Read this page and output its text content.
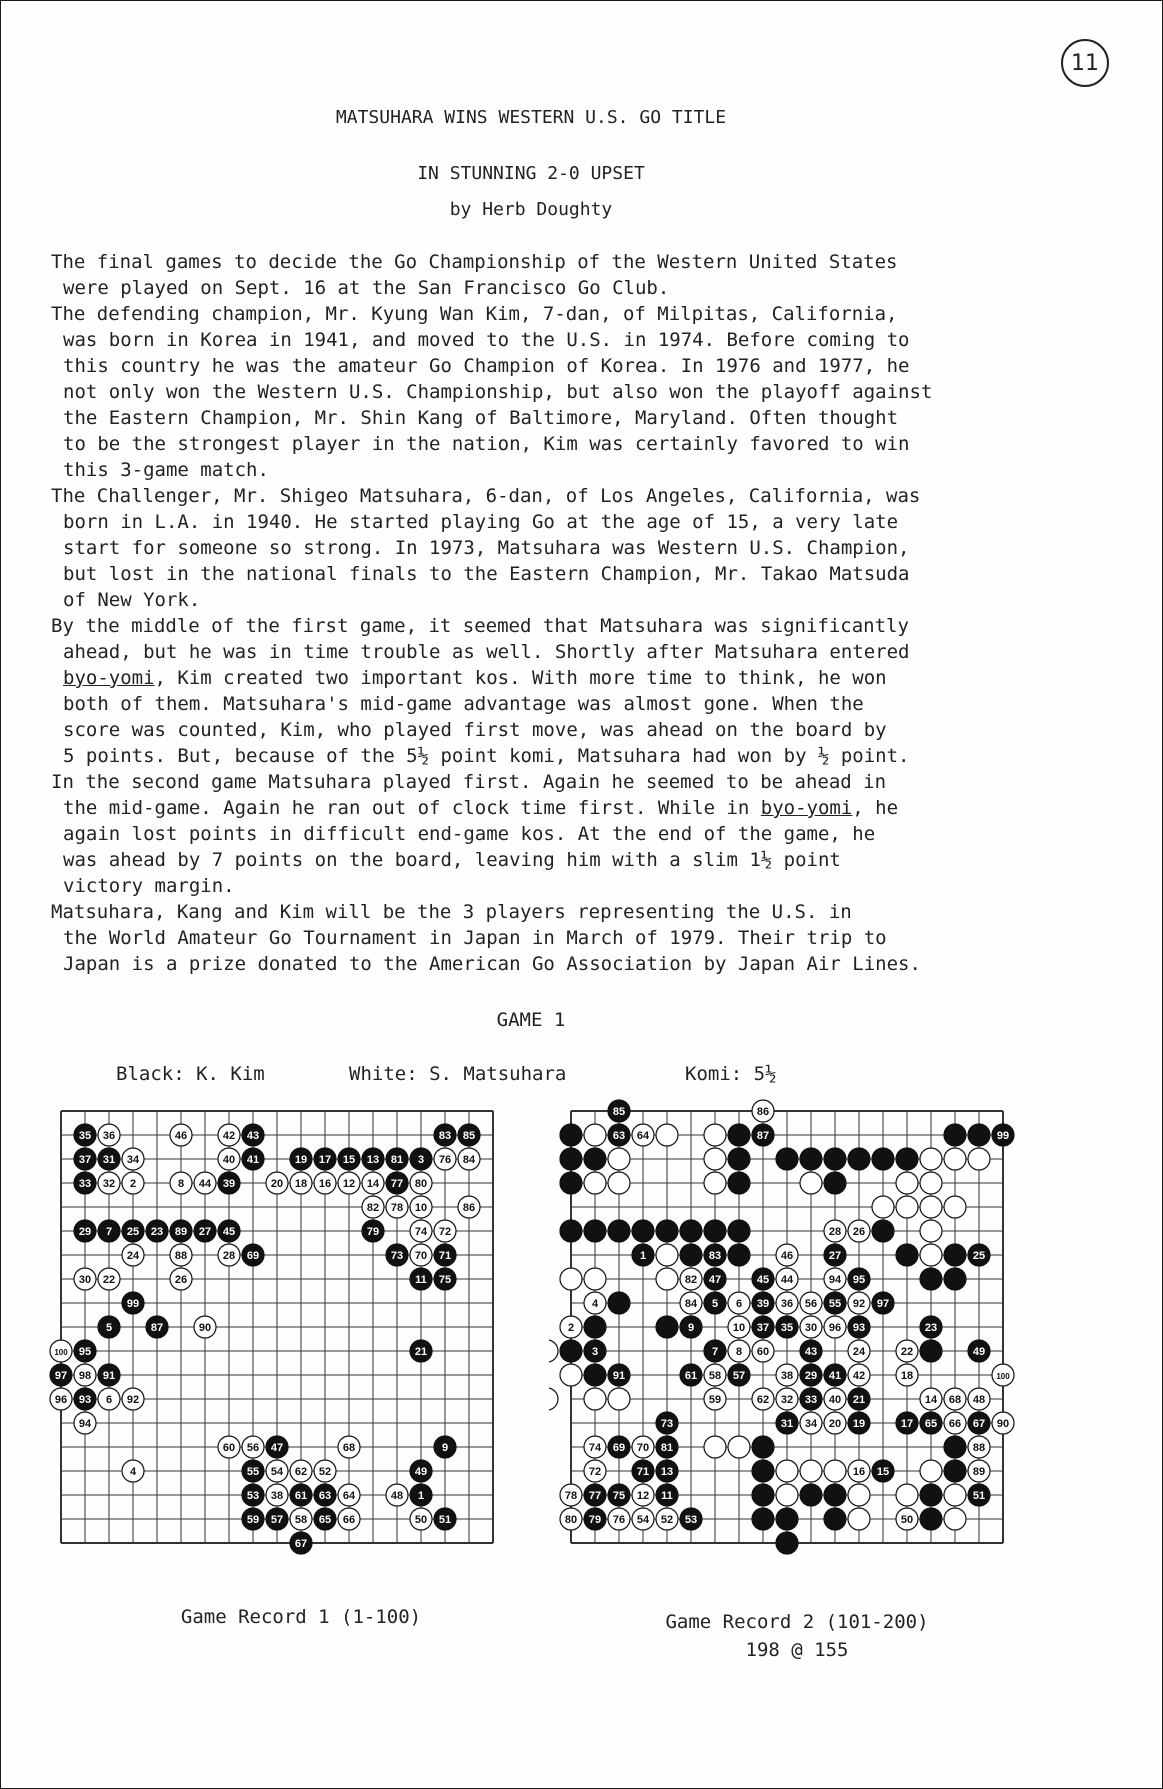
11
MATSUHARA WINS WESTERN U.S. GO TITLE
IN STUNNING 2-0 UPSET
by Herb Doughty
The final games to decide the Go Championship of the Western United States
were played on Sept. 16 at the San Francisco Go Club.
The defending champion, Mr. Kyung Wan Kim, 7-dan, of Milpitas, California,
was born in Korea in 1941, and moved to the U.S. in 1974. Before coming to
this country he was the amateur Go Champion of Korea. In 1976 and 1977, he
not only won the Western U.S. Championship, but also won the playoff against
the Eastern Champion, Mr. Shin Kang of Baltimore, Maryland. Often thought
to be the strongest player in the nation, Kim was certainly favored to win
this 3-game match.
The Challenger, Mr. Shigeo Matsuhara, 6-dan, of Los Angeles, California, was
born in L.A. in 1940. He started playing Go at the age of 15, a very late
start for someone so strong. In 1973, Matsuhara was Western U.S. Champion,
but lost in the national finals to the Eastern Champion, Mr. Takao Matsuda
of New York.
By the middle of the first game, it seemed that Matsuhara was significantly
ahead, but he was in time trouble as well. Shortly after Matsuhara entered
byo-yomi, Kim created two important kos. With more time to think, he won
both of them. Matsuhara's mid-game advantage was almost gone. When the
score was counted, Kim, who played first move, was ahead on the board by
5 points. But, because of the 5½ point komi, Matsuhara had won by ½ point.
In the second game Matsuhara played first. Again he seemed to be ahead in
the mid-game. Again he ran out of clock time first. While in byo-yomi, he
again lost points in difficult end-game kos. At the end of the game, he
was ahead by 7 points on the board, leaving him with a slim 1½ point
victory margin.
Matsuhara, Kang and Kim will be the 3 players representing the U.S. in
the World Amateur Go Tournament in Japan in March of 1979. Their trip to
Japan is a prize donated to the American Go Association by Japan Air Lines.
GAME 1
Black: K. Kim	White: S. Matsuhara	Komi: 5½
35 36	46	42 43	83 85
37 31 34	40 41	19 17 15 13 81 3 76 84
33 32 2	8 44 39	20 18 16 12 14 77 80
82 78 10	86
29 7 25 23 89 27 45	79	74 72
24	88	28 69	73 70 71
30 22	26	11 75
99
5	87	90
100 95	21
97 98 91
96 93 6 92
94
60 56 47	68	9
4	55 54 62 52	49
53 38 61 63 64	48 1
59 57 58 65 66	50 51
67
85	86
63 64	87	99
28 26
1	83	46	27	25
82 47	45 44	94 95
4	84 5 6 39 36 56 55 92 97
2	9	10 37 35 30 96 93	23
3	7 8 60	43	24	22	49
91	61 58 57	38 29 41 42	18	100
59	62 32 33 40 21	14 68 48
73	31 34 20 19	17 65 66 67 90
74 69 70 81	88
72	71 13	16 15	89
78 77 75 12 11	51
80 79 76 54 52 53	50
Game Record 1 (1-100)	Game Record 2 (101-200)
198 @ 155
